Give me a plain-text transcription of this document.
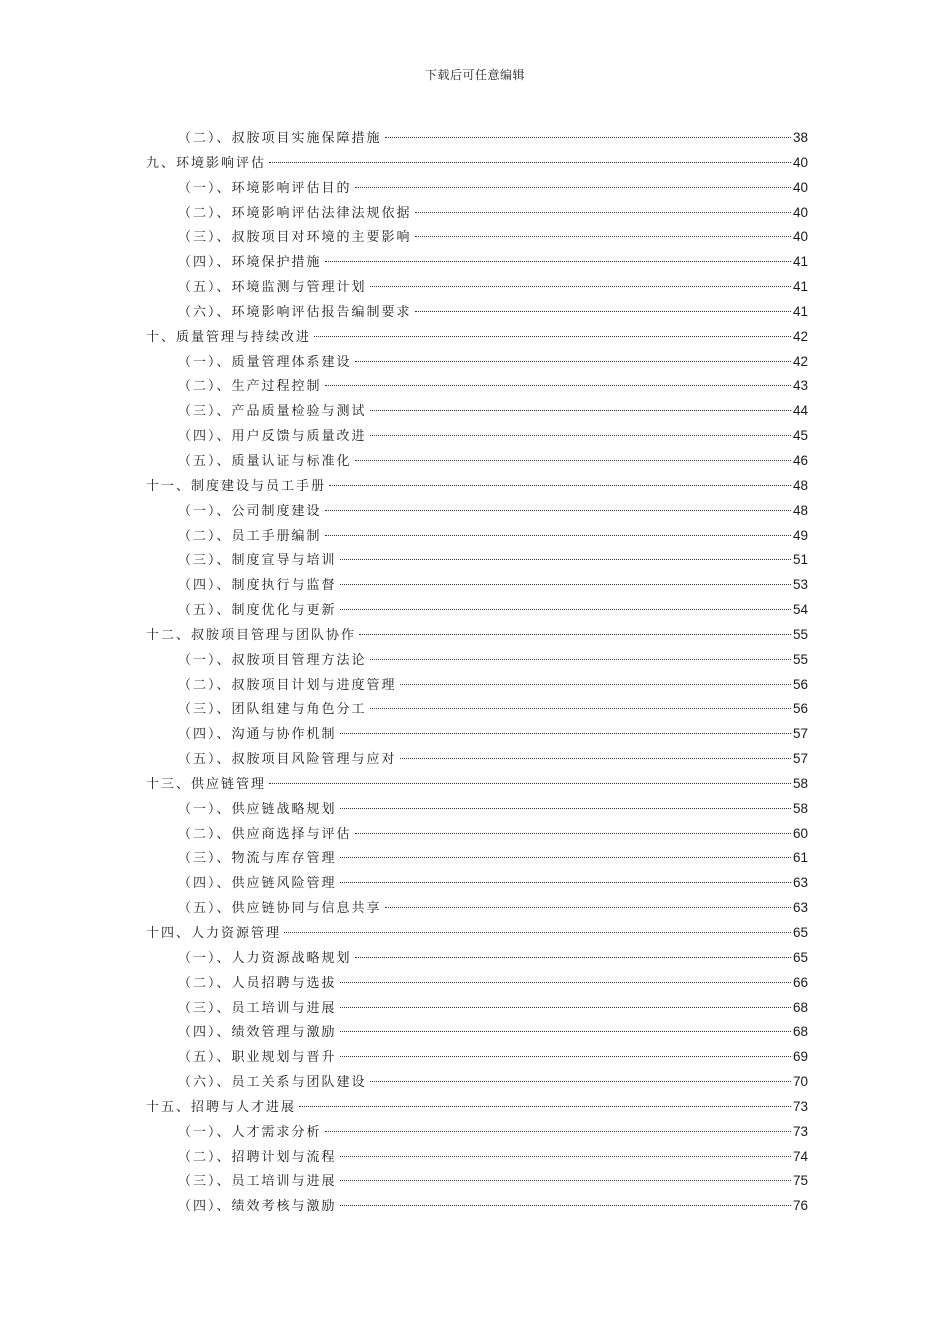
下载后可任意编辑
（二）、叔胺项目实施保障措施	38
九、环境影响评估	40
（一）、环境影响评估目的	40
（二）、环境影响评估法律法规依据	40
（三）、叔胺项目对环境的主要影响	40
（四）、环境保护措施	41
（五）、环境监测与管理计划	41
（六）、环境影响评估报告编制要求	41
十、质量管理与持续改进	42
（一）、质量管理体系建设	42
（二）、生产过程控制	43
（三）、产品质量检验与测试	44
（四）、用户反馈与质量改进	45
（五）、质量认证与标准化	46
十一、制度建设与员工手册	48
（一）、公司制度建设	48
（二）、员工手册编制	49
（三）、制度宣导与培训	51
（四）、制度执行与监督	53
（五）、制度优化与更新	54
十二、叔胺项目管理与团队协作	55
（一）、叔胺项目管理方法论	55
（二）、叔胺项目计划与进度管理	56
（三）、团队组建与角色分工	56
（四）、沟通与协作机制	57
（五）、叔胺项目风险管理与应对	57
十三、供应链管理	58
（一）、供应链战略规划	58
（二）、供应商选择与评估	60
（三）、物流与库存管理	61
（四）、供应链风险管理	63
（五）、供应链协同与信息共享	63
十四、人力资源管理	65
（一）、人力资源战略规划	65
（二）、人员招聘与选拔	66
（三）、员工培训与进展	68
（四）、绩效管理与激励	68
（五）、职业规划与晋升	69
（六）、员工关系与团队建设	70
十五、招聘与人才进展	73
（一）、人才需求分析	73
（二）、招聘计划与流程	74
（三）、员工培训与进展	75
（四）、绩效考核与激励	76
